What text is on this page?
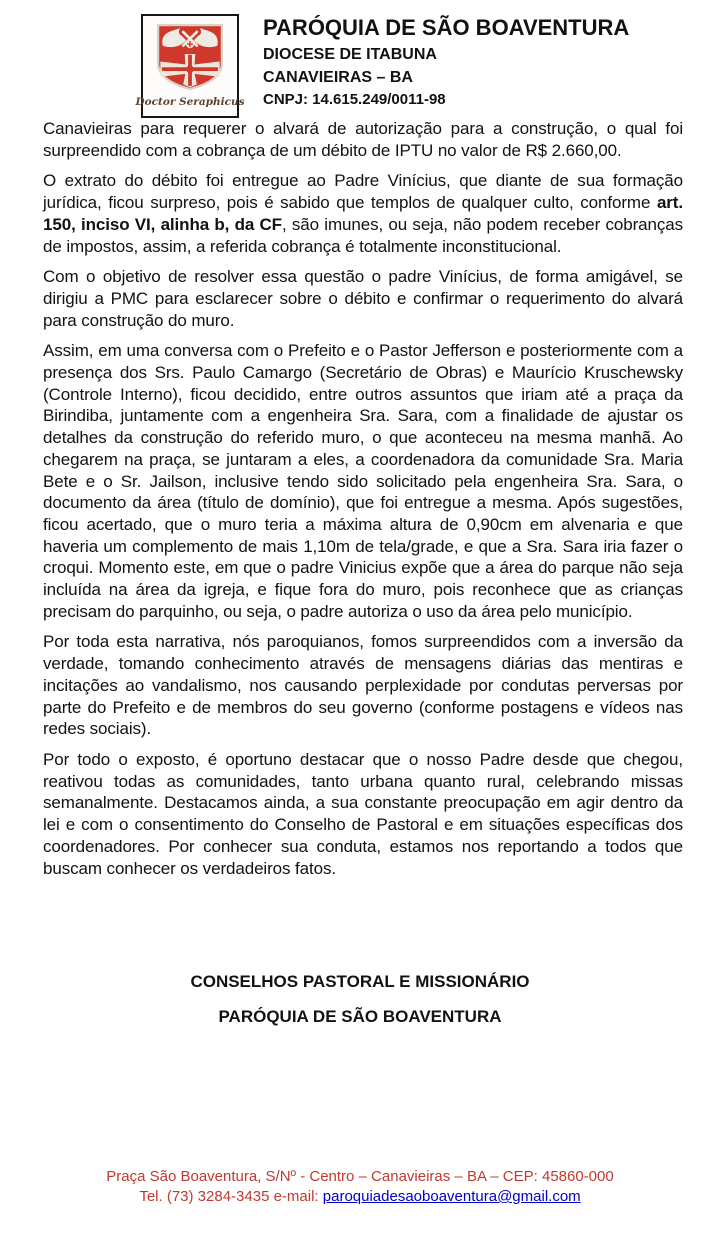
Doctor Seraphicus
PARÓQUIA DE SÃO BOAVENTURA
DIOCESE DE ITABUNA
CANAVIEIRAS – BA
CNPJ: 14.615.249/0011-98

Canavieiras para requerer o alvará de autorização para a construção, o qual foi surpreendido com a cobrança de um débito de IPTU no valor de R$ 2.660,00.

O extrato do débito foi entregue ao Padre Vinícius, que diante de sua formação jurídica, ficou surpreso, pois é sabido que templos de qualquer culto, conforme art. 150, inciso VI, alinha b, da CF, são imunes, ou seja, não podem receber cobranças de impostos, assim, a referida cobrança é totalmente inconstitucional.

Com o objetivo de resolver essa questão o padre Vinícius, de forma amigável, se dirigiu a PMC para esclarecer sobre o débito e confirmar o requerimento do alvará para construção do muro.

Assim, em uma conversa com o Prefeito e o Pastor Jefferson e posteriormente com a presença dos Srs. Paulo Camargo (Secretário de Obras) e Maurício Kruschewsky (Controle Interno), ficou decidido, entre outros assuntos que iriam até a praça da Birindiba, juntamente com a engenheira Sra. Sara, com a finalidade de ajustar os detalhes da construção do referido muro, o que aconteceu na mesma manhã. Ao chegarem na praça, se juntaram a eles, a coordenadora da comunidade Sra. Maria Bete e o Sr. Jailson, inclusive tendo sido solicitado pela engenheira Sra. Sara, o documento da área (título de domínio), que foi entregue a mesma. Após sugestões, ficou acertado, que o muro teria a máxima altura de 0,90cm em alvenaria e que haveria um complemento de mais 1,10m de tela/grade, e que a Sra. Sara iria fazer o croqui. Momento este, em que o padre Vinicius expõe que a área do parque não seja incluída na área da igreja, e fique fora do muro, pois reconhece que as crianças precisam do parquinho, ou seja, o padre autoriza o uso da área pelo município.

Por toda esta narrativa, nós paroquianos, fomos surpreendidos com a inversão da verdade, tomando conhecimento através de mensagens diárias das mentiras e incitações ao vandalismo, nos causando perplexidade por condutas perversas por parte do Prefeito e de membros do seu governo (conforme postagens e vídeos nas redes sociais).

Por todo o exposto, é oportuno destacar que o nosso Padre desde que chegou, reativou todas as comunidades, tanto urbana quanto rural, celebrando missas semanalmente. Destacamos ainda, a sua constante preocupação em agir dentro da lei e com o consentimento do Conselho de Pastoral e em situações específicas dos coordenadores. Por conhecer sua conduta, estamos nos reportando a todos que buscam conhecer os verdadeiros fatos.

CONSELHOS PASTORAL E MISSIONÁRIO
PARÓQUIA DE SÃO BOAVENTURA
Praça São Boaventura, S/Nº - Centro – Canavieiras – BA – CEP: 45860-000
Tel. (73) 3284-3435 e-mail: paroquiadesaoboaventura@gmail.com
